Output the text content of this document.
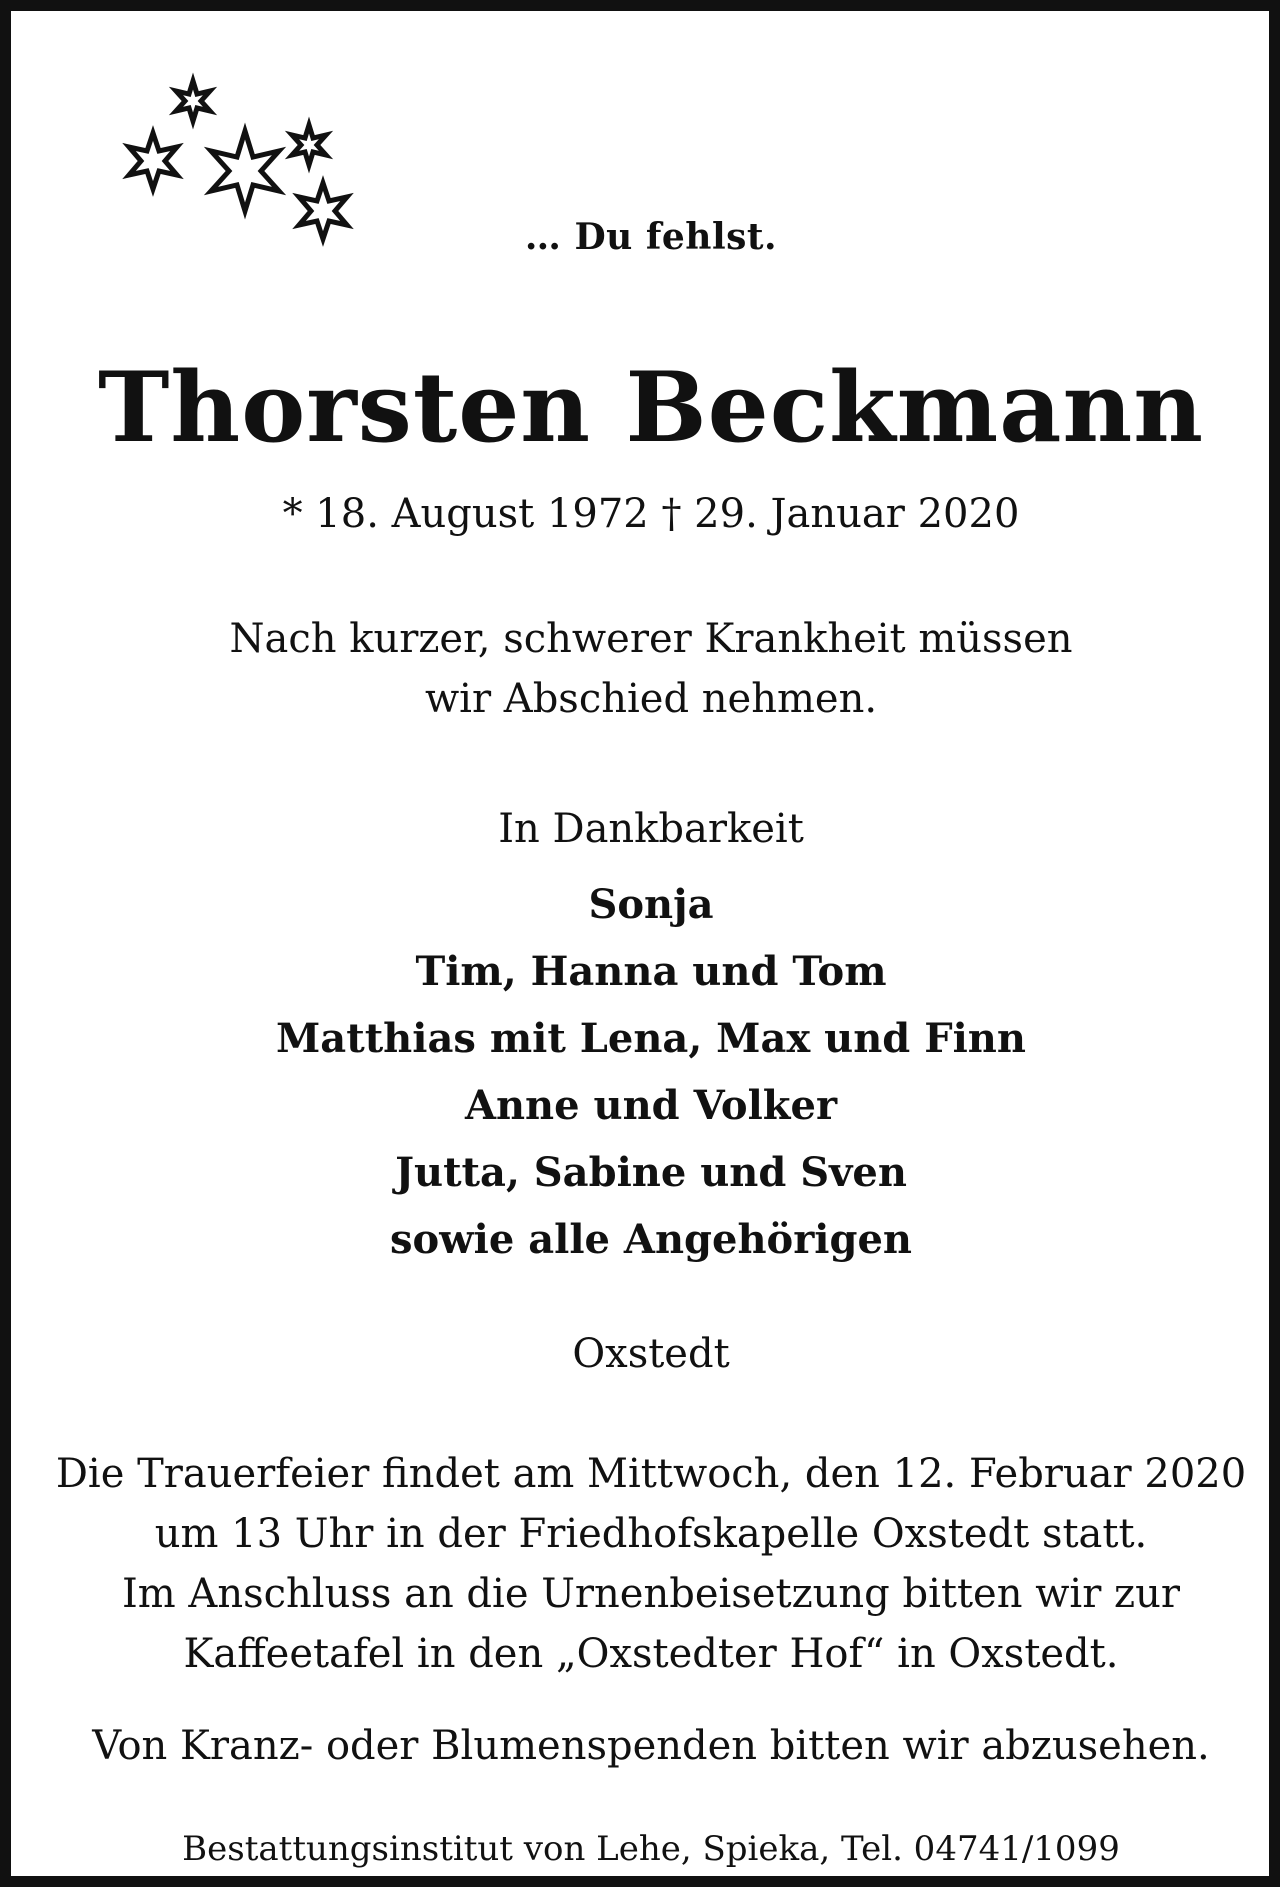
… Du fehlst.
Thorsten Beckmann
* 18. August 1972 † 29. Januar 2020
Nach kurzer, schwerer Krankheit müssen
wir Abschied nehmen.
In Dankbarkeit
Sonja
Tim, Hanna und Tom
Matthias mit Lena, Max und Finn
Anne und Volker
Jutta, Sabine und Sven
sowie alle Angehörigen
Oxstedt
Die Trauerfeier findet am Mittwoch, den 12. Februar 2020
um 13 Uhr in der Friedhofskapelle Oxstedt statt.
Im Anschluss an die Urnenbeisetzung bitten wir zur
Kaffeetafel in den „Oxstedter Hof“ in Oxstedt.
Von Kranz- oder Blumenspenden bitten wir abzusehen.
Bestattungsinstitut von Lehe, Spieka, Tel. 04741/1099
